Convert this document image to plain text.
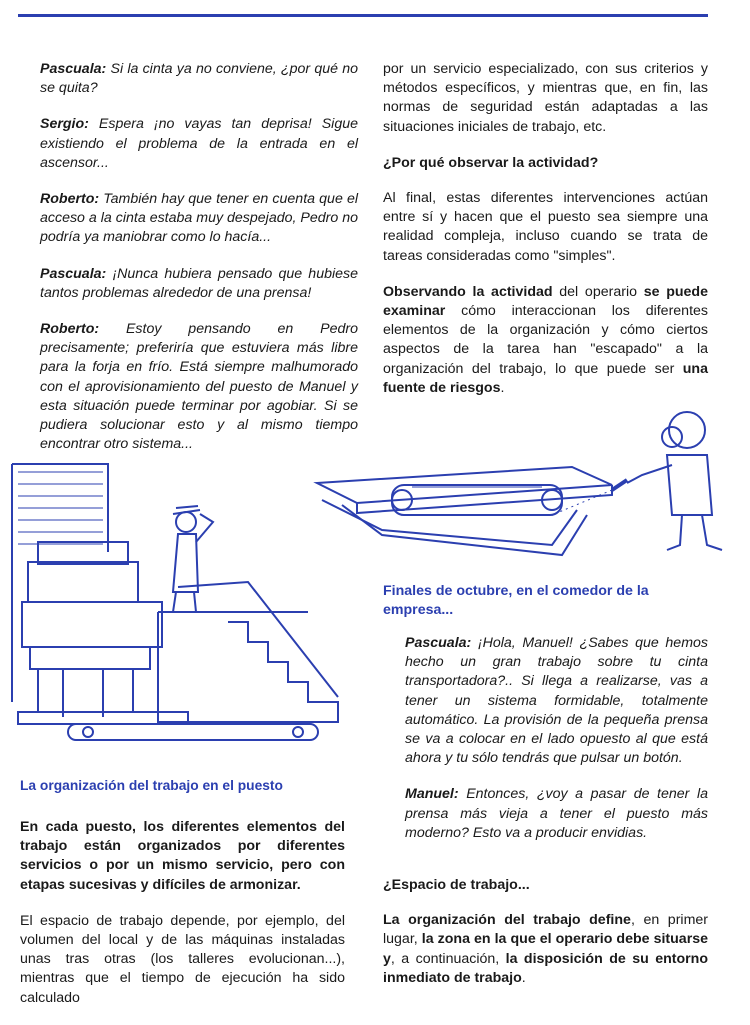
Pascuala: Si la cinta ya no conviene, ¿por qué no se quita?
Sergio: Espera ¡no vayas tan deprisa! Sigue existiendo el problema de la entrada en el ascensor...
Roberto: También hay que tener en cuenta que el acceso a la cinta estaba muy despejado, Pedro no podría ya maniobrar como lo hacía...
Pascuala: ¡Nunca hubiera pensado que hubiese tantos problemas alrededor de una prensa!
Roberto: Estoy pensando en Pedro precisamente; preferiría que estuviera más libre para la forja en frío. Está siempre malhumorado con el aprovisionamiento del puesto de Manuel y esta situación puede terminar por agobiar. Si se pudiera solucionar esto y al mismo tiempo encontrar otro sistema...

por un servicio especializado, con sus criterios y métodos específicos, y mientras que, en fin, las normas de seguridad están adaptadas a las situaciones iniciales de trabajo, etc.

¿Por qué observar la actividad?

Al final, estas diferentes intervenciones actúan entre sí y hacen que el puesto sea siempre una realidad compleja, incluso cuando se trata de tareas consideradas como "simples".

Observando la actividad del operario se puede examinar cómo interaccionan los diferentes elementos de la organización y cómo ciertos aspectos de la tarea han "escapado" a la organización del trabajo, lo que puede ser una fuente de riesgos.

Finales de octubre, en el comedor de la empresa...
Pascuala: ¡Hola, Manuel! ¿Sabes que hemos hecho un gran trabajo sobre tu cinta transportadora?.. Si llega a realizarse, vas a tener un sistema formidable, totalmente automático. La provisión de la pequeña prensa se va a colocar en el lado opuesto al que está ahora y tu sólo tendrás que pulsar un botón.
Manuel: Entonces, ¿voy a pasar de tener la prensa más vieja a tener el puesto más moderno? Esto va a producir envidias.
La organización del trabajo en el puesto

En cada puesto, los diferentes elementos del trabajo están organizados por diferentes servicios o por un mismo servicio, pero con etapas sucesivas y difíciles de armonizar.

El espacio de trabajo depende, por ejemplo, del volumen del local y de las máquinas instaladas unas tras otras (los talleres evolucionan...), mientras que el tiempo de ejecución ha sido calculado

¿Espacio de trabajo...

La organización del trabajo define, en primer lugar, la zona en la que el operario debe situarse y, a continuación, la disposición de su entorno inmediato de trabajo.
